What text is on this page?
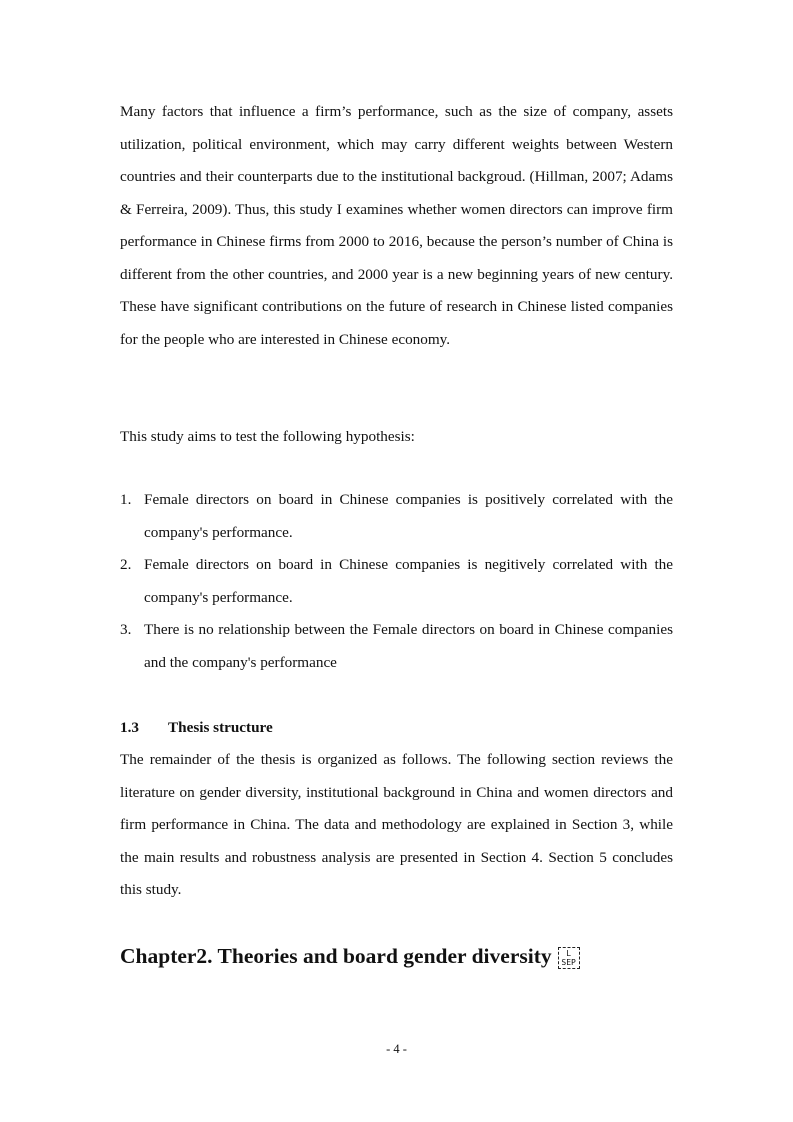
Many factors that influence a firm’s performance, such as the size of company, assets utilization, political environment, which may carry different weights between Western countries and their counterparts due to the institutional backgroud. (Hillman, 2007; Adams & Ferreira, 2009). Thus, this study I examines whether women directors can improve firm performance in Chinese firms from 2000 to 2016, because the person’s number of China is different from the other countries, and 2000 year is a new beginning years of new century. These have significant contributions on the future of research in Chinese listed companies for the people who are interested in Chinese economy.

This study aims to test the following hypothesis:

1. Female directors on board in Chinese companies is positively correlated with the company's performance.
2. Female directors on board in Chinese companies is negitively correlated with the company's performance.
3. There is no relationship between the Female directors on board in Chinese companies and the company's performance
1.3 Thesis structure

The remainder of the thesis is organized as follows. The following section reviews the literature on gender diversity, institutional background in China and women directors and firm performance in China. The data and methodology are explained in Section 3, while the main results and robustness analysis are presented in Section 4. Section 5 concludes this study.

Chapter2. Theories and board gender diversity L
SEP
- 4 -
